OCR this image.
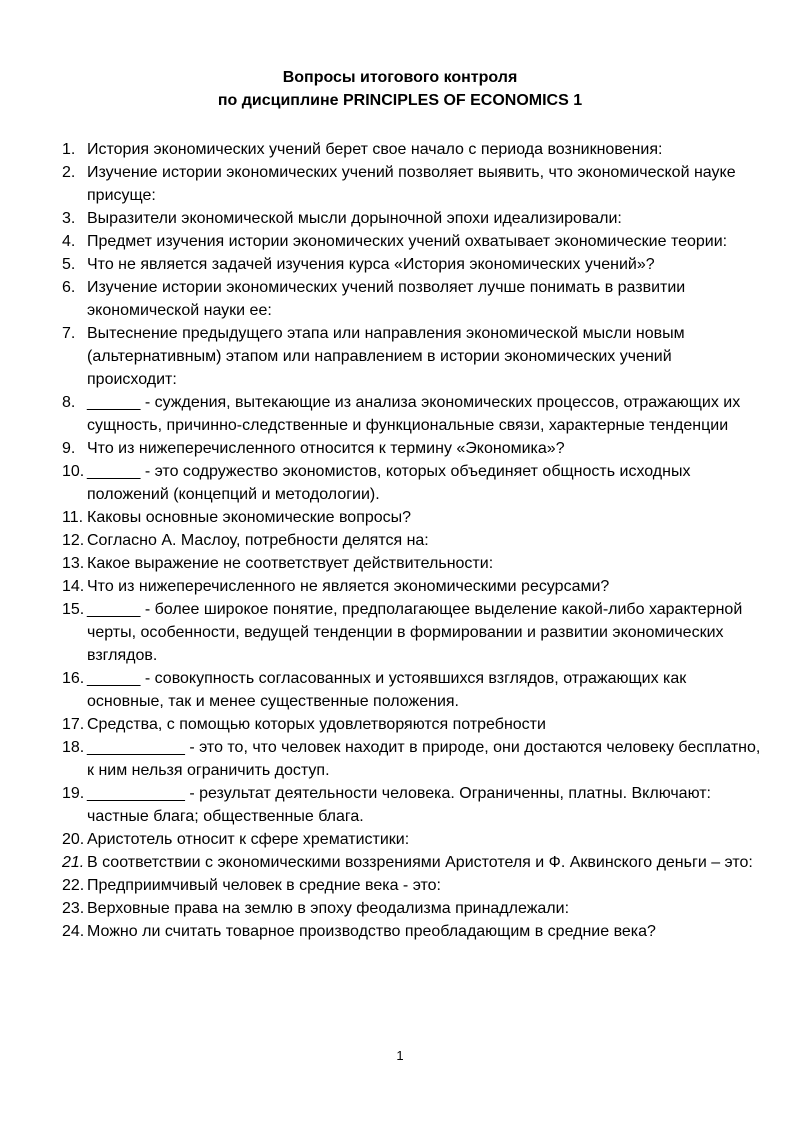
Вопросы итогового контроля
по дисциплине PRINCIPLES OF ECONOMICS 1
1. История экономических учений берет свое начало с периода возникновения:
2. Изучение истории экономических учений позволяет выявить, что экономической науке присуще:
3. Выразители экономической мысли дорыночной эпохи идеализировали:
4. Предмет изучения истории экономических учений охватывает экономические теории:
5. Что не является задачей изучения курса «История экономических учений»?
6. Изучение истории экономических учений позволяет лучше понимать в развитии экономической науки ее:
7. Вытеснение предыдущего этапа или направления экономической мысли новым (альтернативным) этапом или направлением в истории экономических учений происходит:
8. ______ - суждения, вытекающие из анализа экономических процессов, отражающих их сущность, причинно-следственные и функциональные связи, характерные тенденции
9. Что из нижеперечисленного относится к термину «Экономика»?
10. ______ - это содружество экономистов, которых объединяет общность исходных положений (концепций и методологии).
11. Каковы основные экономические вопросы?
12. Согласно А. Маслоу, потребности делятся на:
13. Какое выражение не соответствует действительности:
14. Что из нижеперечисленного не является экономическими ресурсами?
15. ______ - более широкое понятие, предполагающее выделение какой-либо характерной черты, особенности, ведущей тенденции в формировании и развитии экономических взглядов.
16. ______ - совокупность согласованных и устоявшихся взглядов, отражающих как основные, так и менее существенные положения.
17. Средства, с помощью которых удовлетворяются потребности
18. ___________ - это то, что человек находит в природе, они достаются человеку бесплатно, к ним нельзя ограничить доступ.
19. ___________ - результат деятельности человека. Ограниченны, платны. Включают: частные блага; общественные блага.
20. Аристотель относит к сфере хрематистики:
21. В соответствии с экономическими воззрениями Аристотеля и Ф. Аквинского деньги – это:
22. Предприимчивый человек в средние века - это:
23. Верховные права на землю в эпоху феодализма принадлежали:
24. Можно ли считать товарное производство преобладающим в средние века?
1
